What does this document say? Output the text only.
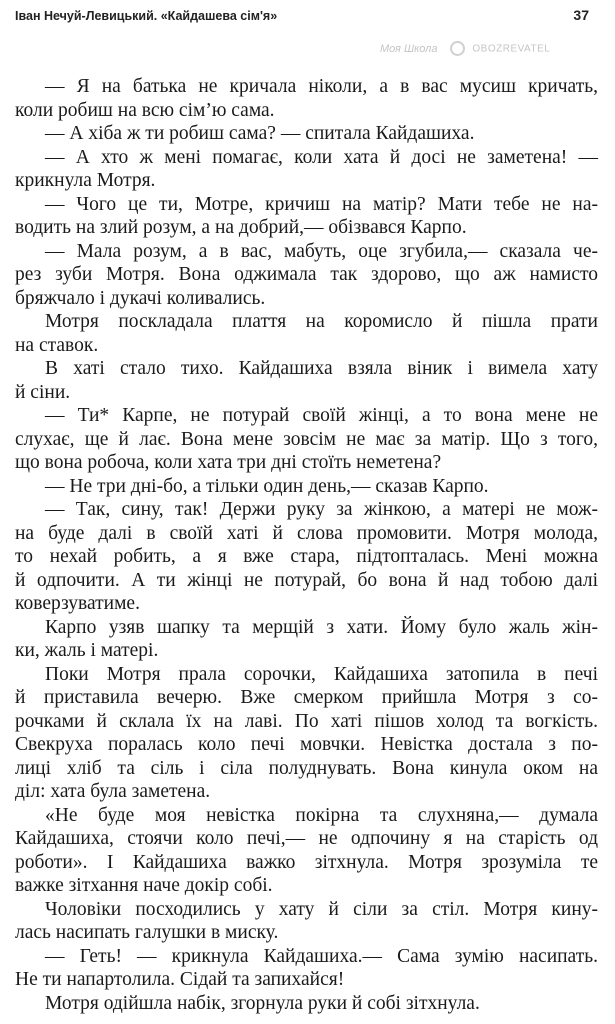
Іван Нечуй-Левицький. «Кайдашева сім'я»	37
Моя Школа	OBOZREVATEL
— Я на батька не кричала ніколи, а в вас мусиш кричать,
коли робиш на всю сім’ю сама.
— А хіба ж ти робиш сама? — спитала Кайдашиха.
— А хто ж мені помагає, коли хата й досі не заметена! —
крикнула Мотря.
— Чого це ти, Мотре, кричиш на матір? Мати тебе не на-
водить на злий розум, а на добрий,— обізвався Карпо.
— Мала розум, а в вас, мабуть, оце згубила,— сказала че-
рез зуби Мотря. Вона оджимала так здорово, що аж намисто
бряжчало і дукачі коливались.
Мотря поскладала плаття на коромисло й пішла прати
на ставок.
В хаті стало тихо. Кайдашиха взяла віник і вимела хату
й сіни.
— Ти* Карпе, не потурай своїй жінці, а то вона мене не
слухає, ще й лає. Вона мене зовсім не має за матір. Що з того,
що вона робоча, коли хата три дні стоїть неметена?
— Не три дні-бо, а тільки один день,— сказав Карпо.
— Так, сину, так! Держи руку за жінкою, а матері не мож-
на буде далі в своїй хаті й слова промовити. Мотря молода,
то нехай робить, а я вже стара, підтопталась. Мені можна
й одпочити. А ти жінці не потурай, бо вона й над тобою далі
коверзуватиме.
Карпо узяв шапку та мерщій з хати. Йому було жаль жін-
ки, жаль і матері.
Поки Мотря прала сорочки, Кайдашиха затопила в печі
й приставила вечерю. Вже смерком прийшла Мотря з со-
рочками й склала їх на лаві. По хаті пішов холод та вогкість.
Свекруха поралась коло печі мовчки. Невістка достала з по-
лиці хліб та сіль і сіла полуднувать. Вона кинула оком на
діл: хата була заметена.
«Не буде моя невістка покірна та слухняна,— думала
Кайдашиха, стоячи коло печі,— не одпочину я на старість од
роботи». І Кайдашиха важко зітхнула. Мотря зрозуміла те
важке зітхання наче докір собі.
Чоловіки посходились у хату й сіли за стіл. Мотря кину-
лась насипать галушки в миску.
— Геть! — крикнула Кайдашиха.— Сама зумію насипать.
Не ти напартолила. Сідай та запихайся!
Мотря одійшла набік, згорнула руки й собі зітхнула.
